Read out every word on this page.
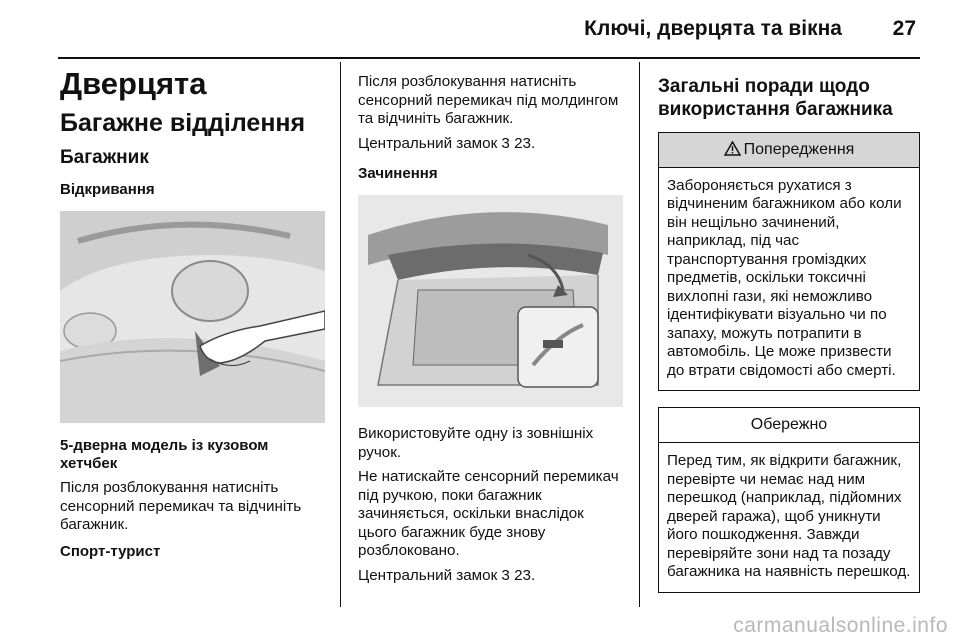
Ключі, дверцята та вікна 27
Дверцята
Багажне відділення
Багажник
Відкривання
5-дверна модель із кузовом хетчбек

Після розблокування натисніть сенсорний перемикач та відчиніть багажник.

Спорт-турист

Після розблокування натисніть сенсорний перемикач під молдингом та відчиніть багажник.

Центральний замок 3 23.

Зачинення

Використовуйте одну із зовнішніх ручок.

Не натискайте сенсорний перемикач під ручкою, поки багажник зачиняється, оскільки внаслідок цього багажник буде знову розблоковано.

Центральний замок 3 23.

Загальні поради щодо використання багажника
Попередження
Забороняється рухатися з відчиненим багажником або коли він нещільно зачинений, наприклад, під час транспортування громіздких предметів, оскільки токсичні вихлопні гази, які неможливо ідентифікувати візуально чи по запаху, можуть потрапити в автомобіль. Це може призвести до втрати свідомості або смерті.
Обережно
Перед тим, як відкрити багажник, перевірте чи немає над ним перешкод (наприклад, підйомних дверей гаража), щоб уникнути його пошкодження. Завжди перевіряйте зони над та позаду багажника на наявність перешкод.
carmanualsonline.info
